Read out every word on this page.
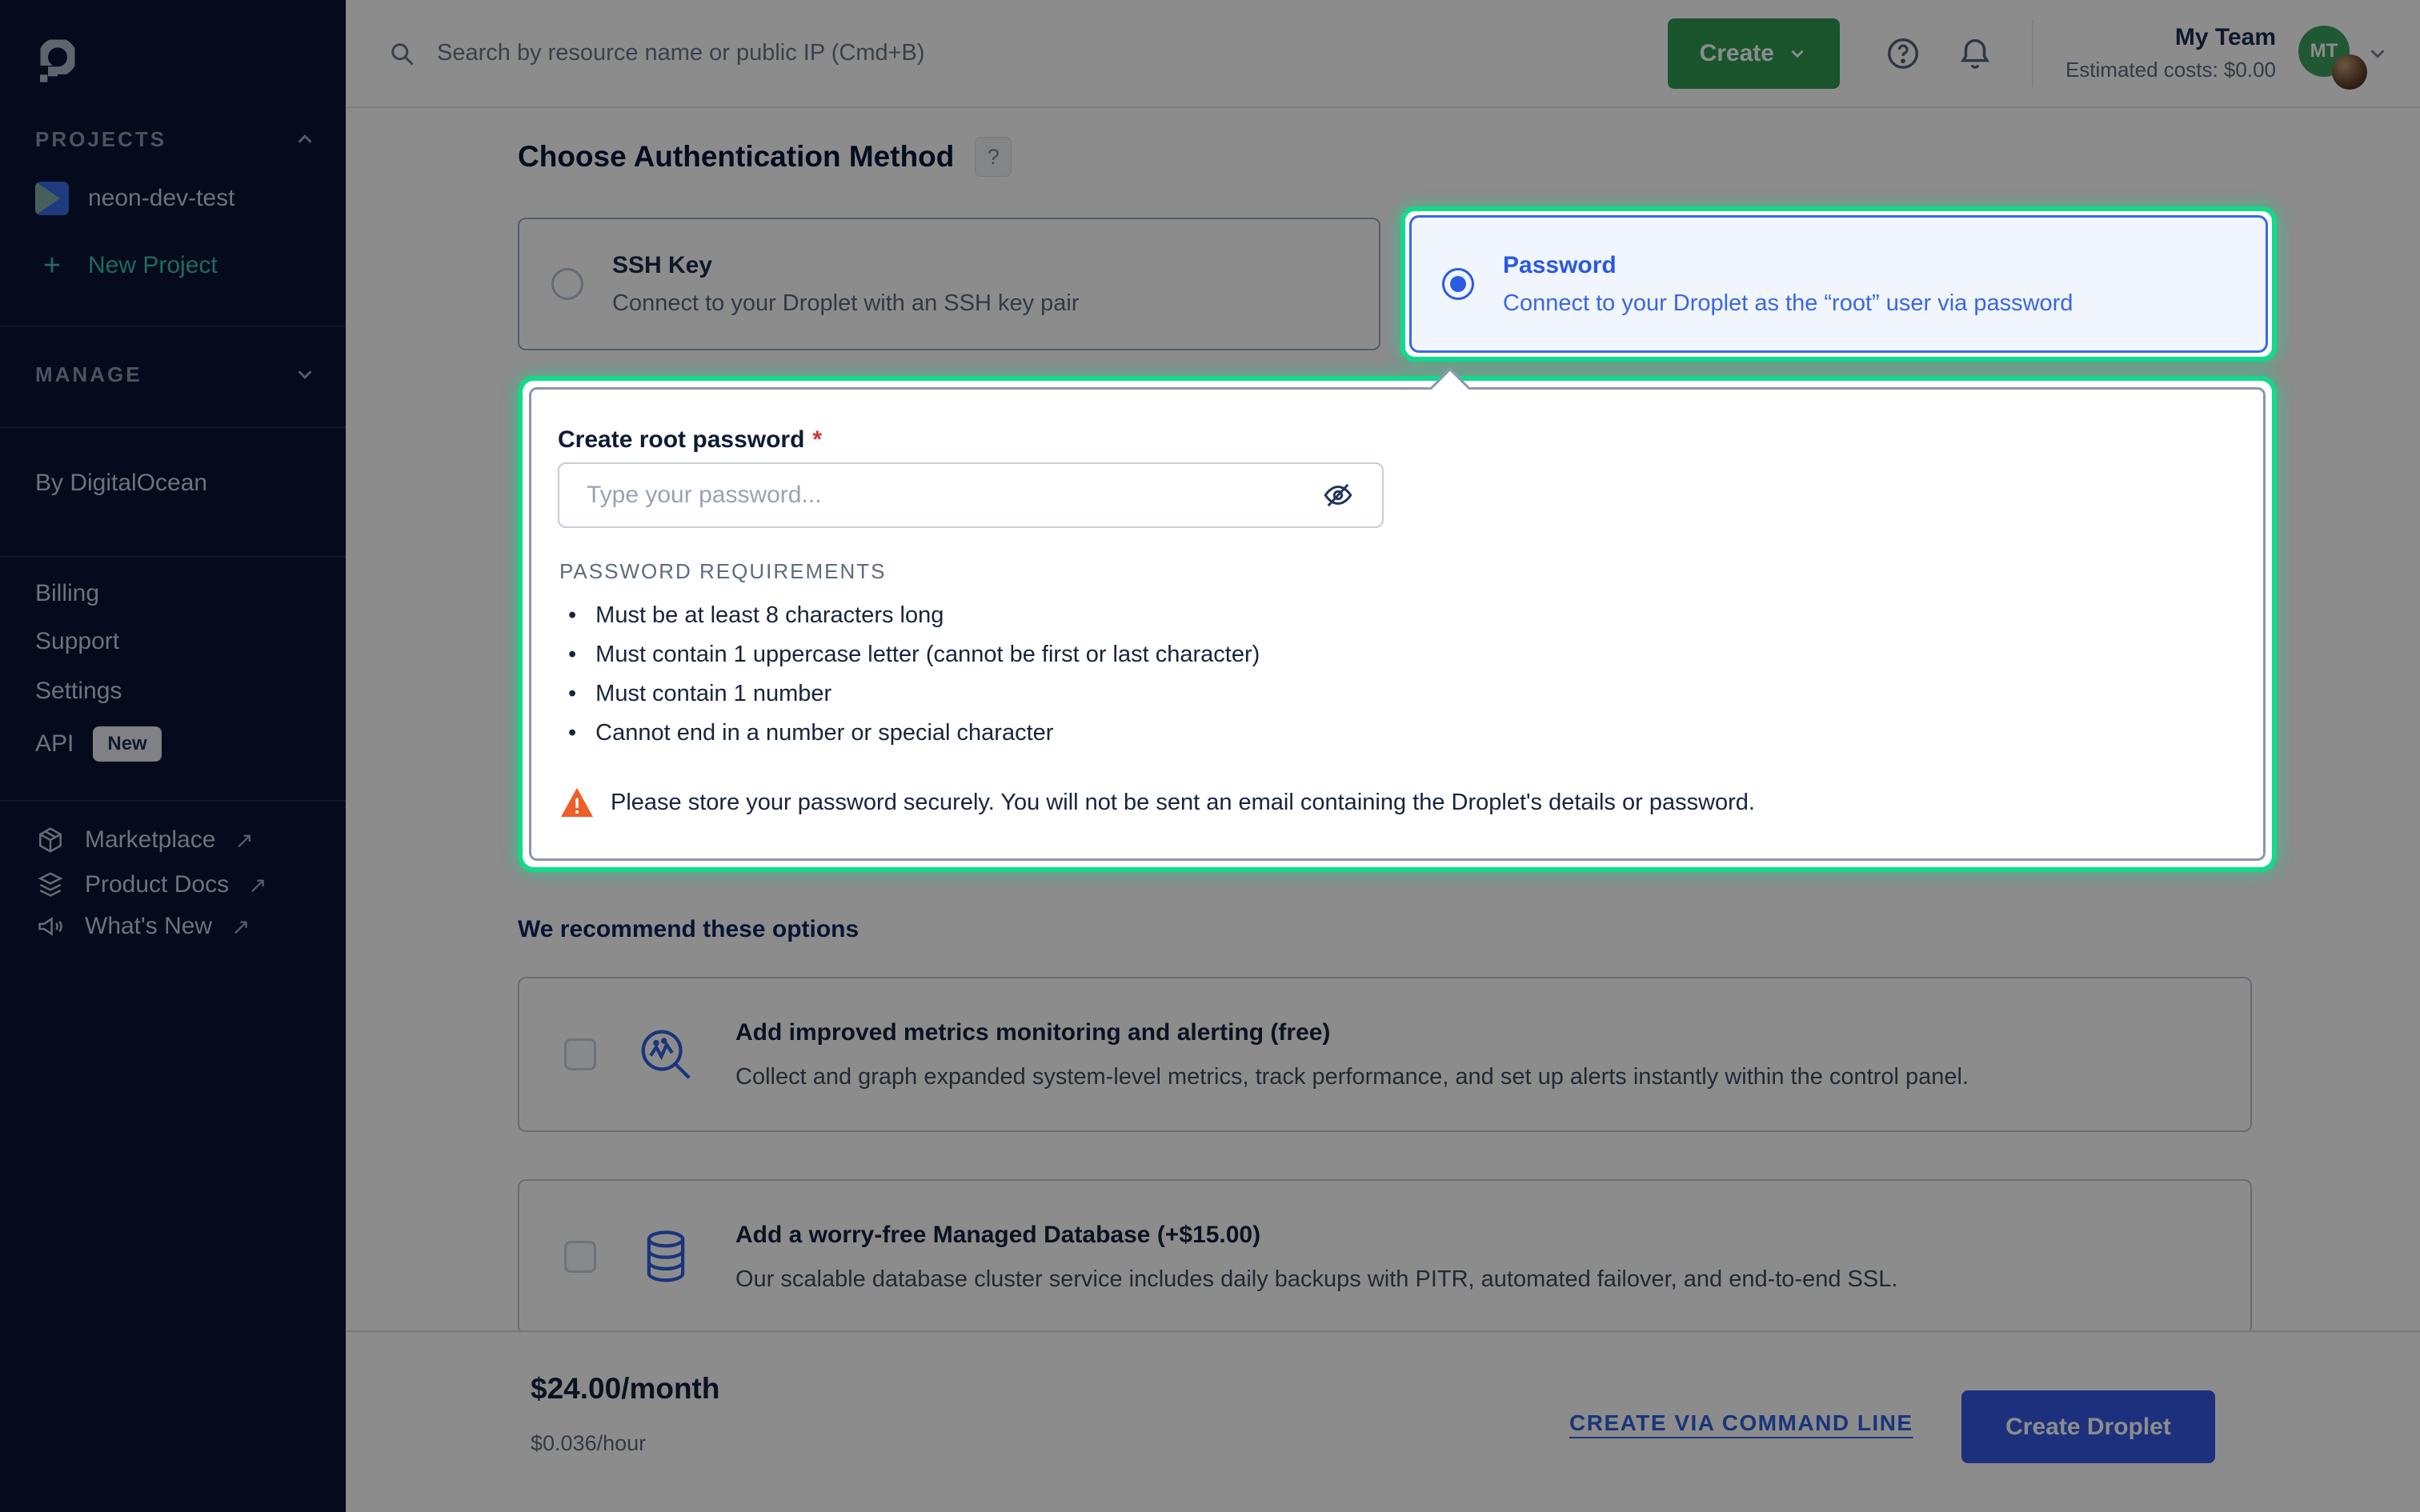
PROJECTS
neon-dev-test
+	New Project
MANAGE
By DigitalOcean
Billing
Support
Settings
API	New
Marketplace ↗
Product Docs ↗
What's New ↗
Search by resource name or public IP (Cmd+B)	Create
My Team
Estimated costs: $0.00
MT
Choose Authentication Method	?
SSH Key
Connect to your Droplet with an SSH key pair
Password
Connect to your Droplet as the “root” user via password
Create root password *
Type your password...
PASSWORD REQUIREMENTS
• Must be at least 8 characters long
• Must contain 1 uppercase letter (cannot be first or last character)
• Must contain 1 number
• Cannot end in a number or special character
Please store your password securely. You will not be sent an email containing the Droplet's details or password.
We recommend these options
Add improved metrics monitoring and alerting (free)
Collect and graph expanded system-level metrics, track performance, and set up alerts instantly within the control panel.
Add a worry-free Managed Database (+$15.00)
Our scalable database cluster service includes daily backups with PITR, automated failover, and end-to-end SSL.
$24.00/month
$0.036/hour
CREATE VIA COMMAND LINE	Create Droplet
